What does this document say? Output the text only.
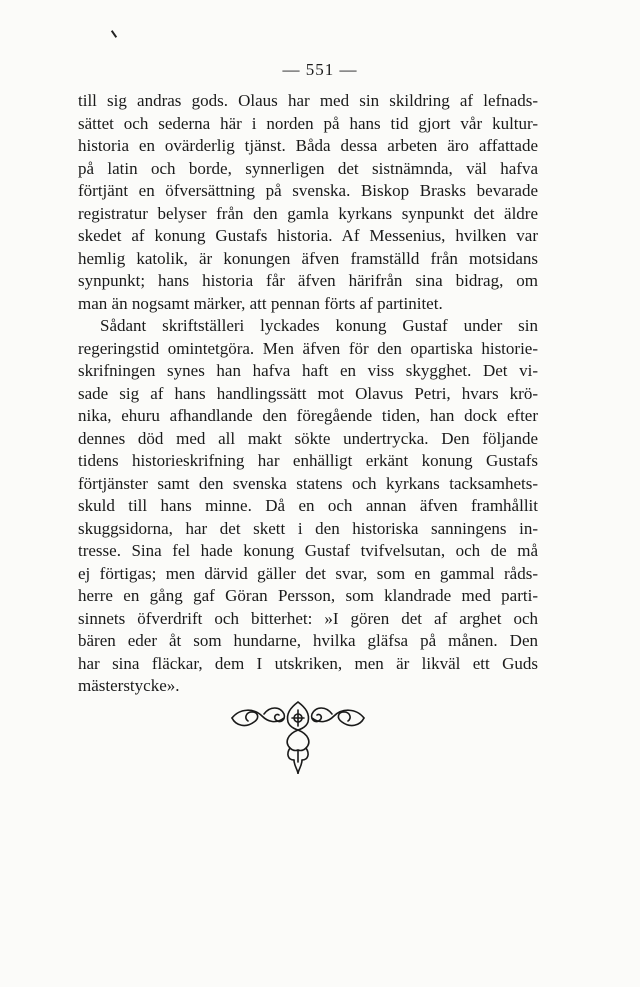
— 551 —
till sig andras gods. Olaus har med sin skildring af lefnads-
sättet och sederna här i norden på hans tid gjort vår kultur-
historia en ovärderlig tjänst. Båda dessa arbeten äro affattade
på latin och borde, synnerligen det sistnämnda, väl hafva
förtjänt en öfversättning på svenska. Biskop Brasks bevarade
registratur belyser från den gamla kyrkans synpunkt det äldre
skedet af konung Gustafs historia. Af Messenius, hvilken var
hemlig katolik, är konungen äfven framställd från motsidans
synpunkt; hans historia får äfven härifrån sina bidrag, om
man än nogsamt märker, att pennan förts af partinitet.
Sådant skriftställeri lyckades konung Gustaf under sin
regeringstid omintetgöra. Men äfven för den opartiska historie-
skrifningen synes han hafva haft en viss skygghet. Det vi-
sade sig af hans handlingssätt mot Olavus Petri, hvars krö-
nika, ehuru afhandlande den föregående tiden, han dock efter
dennes död med all makt sökte undertrycka. Den följande
tidens historieskrifning har enhälligt erkänt konung Gustafs
förtjänster samt den svenska statens och kyrkans tacksamhets-
skuld till hans minne. Då en och annan äfven framhållit
skuggsidorna, har det skett i den historiska sanningens in-
tresse. Sina fel hade konung Gustaf tvifvelsutan, och de må
ej förtigas; men därvid gäller det svar, som en gammal råds-
herre en gång gaf Göran Persson, som klandrade med parti-
sinnets öfverdrift och bitterhet: »I gören det af arghet och
bären eder åt som hundarne, hvilka gläfsa på månen. Den
har sina fläckar, dem I utskriken, men är likväl ett Guds
mästerstycke».
